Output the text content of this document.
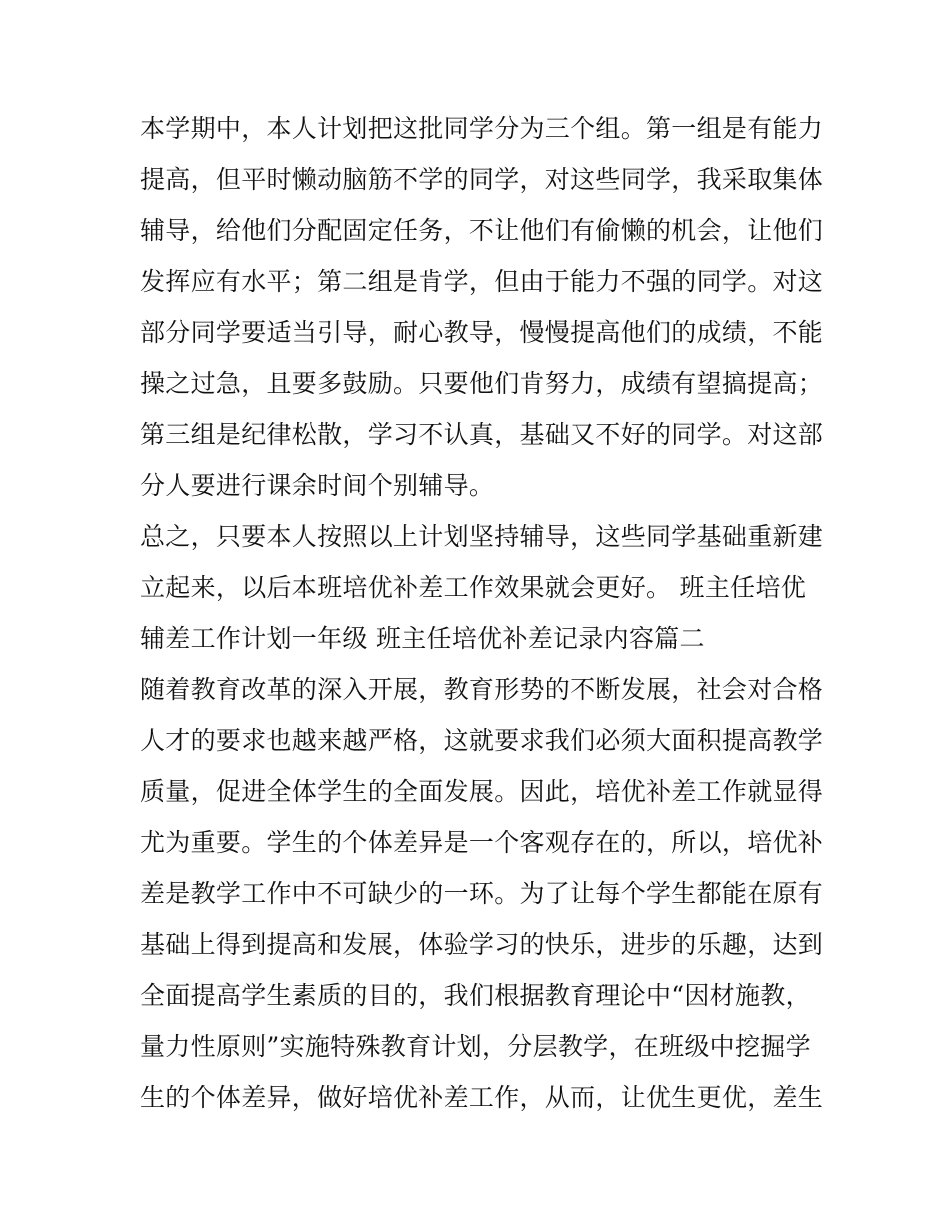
本学期中，本人计划把这批同学分为三个组。第一组是有能力
提高，但平时懒动脑筋不学的同学，对这些同学，我采取集体
辅导，给他们分配固定任务，不让他们有偷懒的机会，让他们
发挥应有水平；第二组是肯学，但由于能力不强的同学。对这
部分同学要适当引导，耐心教导，慢慢提高他们的成绩，不能
操之过急，且要多鼓励。只要他们肯努力，成绩有望搞提高；
第三组是纪律松散，学习不认真，基础又不好的同学。对这部
分人要进行课余时间个别辅导。
总之，只要本人按照以上计划坚持辅导，这些同学基础重新建
立起来，以后本班培优补差工作效果就会更好。 班主任培优
辅差工作计划一年级 班主任培优补差记录内容篇二
随着教育改革的深入开展，教育形势的不断发展，社会对合格
人才的要求也越来越严格，这就要求我们必须大面积提高教学
质量，促进全体学生的全面发展。因此，培优补差工作就显得
尤为重要。学生的个体差异是一个客观存在的，所以，培优补
差是教学工作中不可缺少的一环。为了让每个学生都能在原有
基础上得到提高和发展，体验学习的快乐，进步的乐趣，达到
全面提高学生素质的目的，我们根据教育理论中“因材施教，
量力性原则”实施特殊教育计划，分层教学，在班级中挖掘学
生的个体差异，做好培优补差工作，从而，让优生更优，差生
